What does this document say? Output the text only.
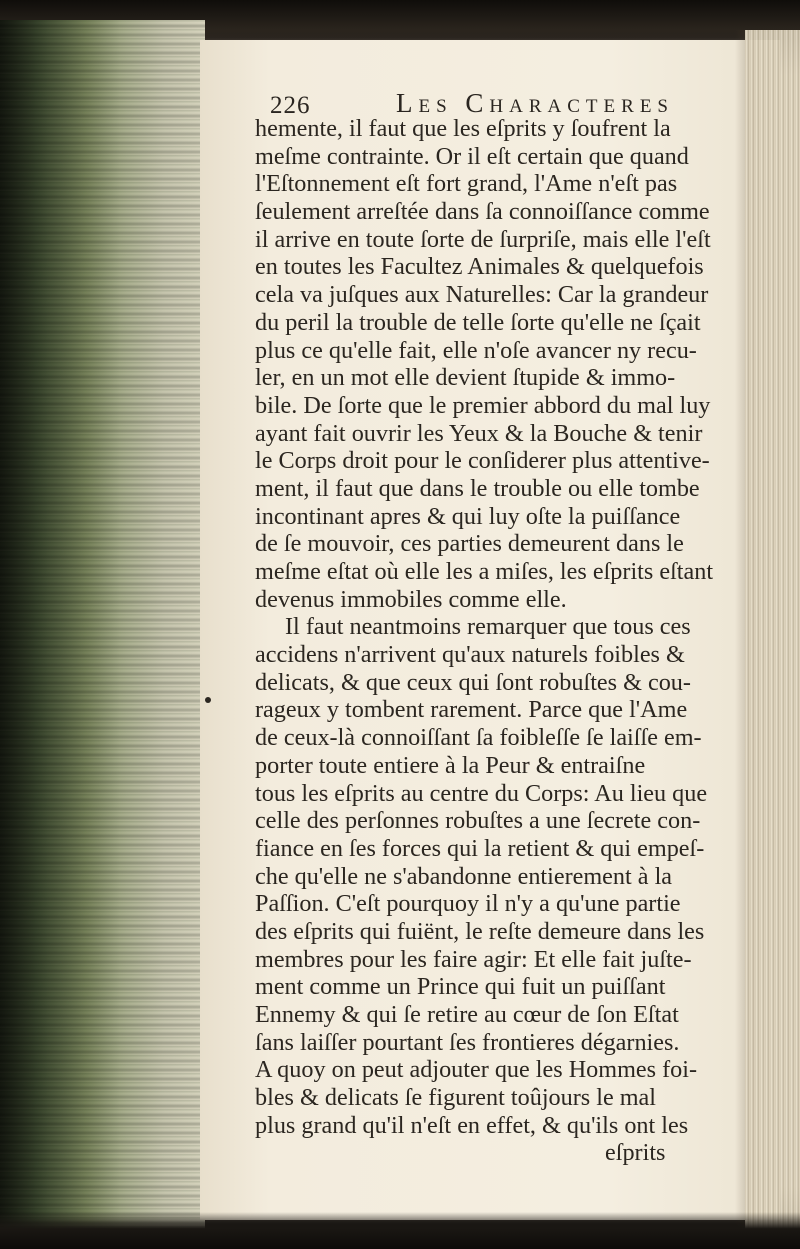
226	Les Characteres
hemente, il faut que les eſprits y ſoufrent la
meſme contrainte. Or il eſt certain que quand
l'Eſtonnement eſt fort grand, l'Ame n'eſt pas
ſeulement arreſtée dans ſa connoiſſance comme
il arrive en toute ſorte de ſurpriſe, mais elle l'eſt
en toutes les Facultez Animales & quelquefois
cela va juſques aux Naturelles: Car la grandeur
du peril la trouble de telle ſorte qu'elle ne ſçait
plus ce qu'elle fait, elle n'oſe avancer ny recu-
ler, en un mot elle devient ſtupide & immo-
bile. De ſorte que le premier abbord du mal luy
ayant fait ouvrir les Yeux & la Bouche & tenir
le Corps droit pour le conſiderer plus attentive-
ment, il faut que dans le trouble ou elle tombe
incontinant apres & qui luy oſte la puiſſance
de ſe mouvoir, ces parties demeurent dans le
meſme eſtat où elle les a miſes, les eſprits eſtant
devenus immobiles comme elle.
Il faut neantmoins remarquer que tous ces
accidens n'arrivent qu'aux naturels foibles &
delicats, & que ceux qui ſont robuſtes & cou-
rageux y tombent rarement. Parce que l'Ame
de ceux-là connoiſſant ſa foibleſſe ſe laiſſe em-
porter toute entiere à la Peur & entraiſne
tous les eſprits au centre du Corps: Au lieu que
celle des perſonnes robuſtes a une ſecrete con-
fiance en ſes forces qui la retient & qui empeſ-
che qu'elle ne s'abandonne entierement à la
Paſſion. C'eſt pourquoy il n'y a qu'une partie
des eſprits qui fuiënt, le reſte demeure dans les
membres pour les faire agir: Et elle fait juſte-
ment comme un Prince qui fuit un puiſſant
Ennemy & qui ſe retire au cœur de ſon Eſtat
ſans laiſſer pourtant ſes frontieres dégarnies.
A quoy on peut adjouter que les Hommes foi-
bles & delicats ſe figurent toûjours le mal
plus grand qu'il n'eſt en effet, & qu'ils ont les
eſprits
